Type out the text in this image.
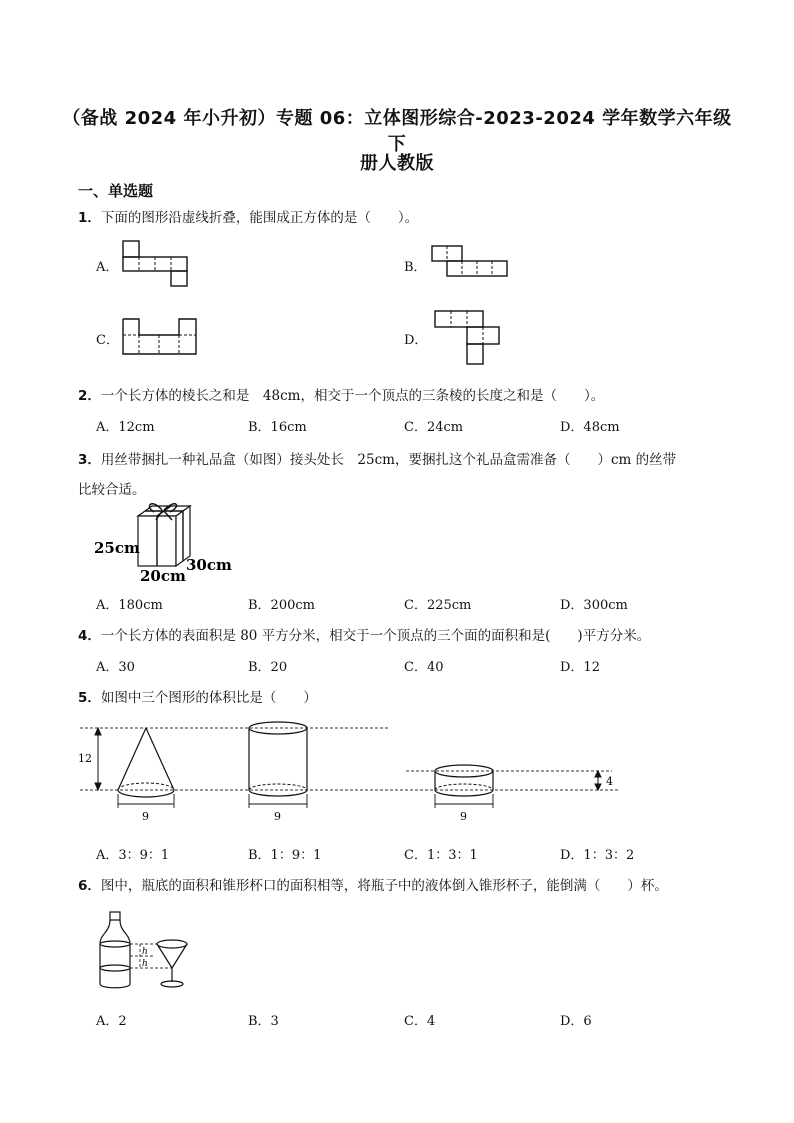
（备战 2024 年小升初）专题 06：立体图形综合-2023-2024 学年数学六年级下
册人教版
一、单选题
1．下面的图形沿虚线折叠，能围成正方体的是（　　）。
A．	B．
C．	D．
2．一个长方体的棱长之和是　48cm，相交于一个顶点的三条棱的长度之和是（　　）。
A．12cm	B．16cm	C．24cm	D．48cm
3．用丝带捆扎一种礼品盒（如图）接头处长　25cm，要捆扎这个礼品盒需准备（　　）cm 的丝带
比较合适。
25cm
30cm
20cm
A．180cm	B．200cm	C．225cm	D．300cm
4．一个长方体的表面积是 80 平方分米，相交于一个顶点的三个面的面积和是(　　)平方分米。
A．30	B．20	C．40	D．12
5．如图中三个图形的体积比是（　　）
12
9	9	9
4
A．3：9：1	B．1：9：1	C．1：3：1	D．1：3：2
6．图中，瓶底的面积和锥形杯口的面积相等，将瓶子中的液体倒入锥形杯子，能倒满（　　）杯。
h
h
A．2	B．3	C．4	D．6
